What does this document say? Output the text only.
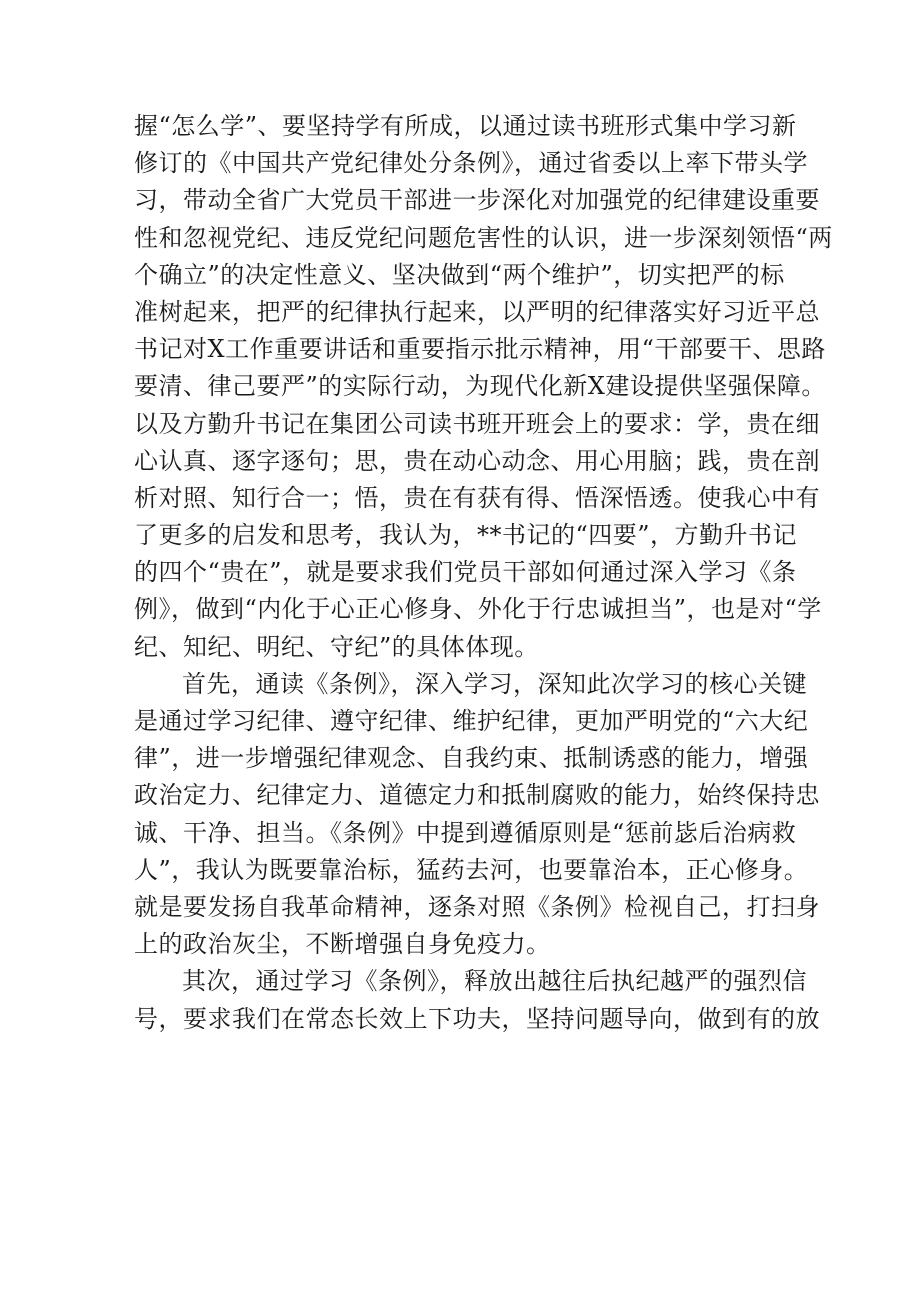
握“怎么学”、要坚持学有所成，以通过读书班形式集中学习新
修订的《中国共产党纪律处分条例》，通过省委以上率下带头学
习，带动全省广大党员干部进一步深化对加强党的纪律建设重要
性和忽视党纪、违反党纪问题危害性的认识，进一步深刻领悟“两
个确立”的决定性意义、坚决做到“两个维护”，切实把严的标
准树起来，把严的纪律执行起来，以严明的纪律落实好习近平总
书记对X工作重要讲话和重要指示批示精神，用“干部要干、思路
要清、律己要严”的实际行动，为现代化新X建设提供坚强保障。
以及方勤升书记在集团公司读书班开班会上的要求：学，贵在细
心认真、逐字逐句；思，贵在动心动念、用心用脑；践，贵在剖
析对照、知行合一；悟，贵在有获有得、悟深悟透。使我心中有
了更多的启发和思考，我认为，**书记的“四要”，方勤升书记
的四个“贵在”，就是要求我们党员干部如何通过深入学习《条
例》，做到“内化于心正心修身、外化于行忠诚担当”，也是对“学
纪、知纪、明纪、守纪”的具体体现。
首先，通读《条例》，深入学习，深知此次学习的核心关键
是通过学习纪律、遵守纪律、维护纪律，更加严明党的“六大纪
律”，进一步增强纪律观念、自我约束、抵制诱惑的能力，增强
政治定力、纪律定力、道德定力和抵制腐败的能力，始终保持忠
诚、干净、担当。《条例》中提到遵循原则是“惩前毖后治病救
人”，我认为既要靠治标，猛药去河，也要靠治本，正心修身。
就是要发扬自我革命精神，逐条对照《条例》检视自己，打扫身
上的政治灰尘，不断增强自身免疫力。
其次，通过学习《条例》，释放出越往后执纪越严的强烈信
号，要求我们在常态长效上下功夫，坚持问题导向，做到有的放
